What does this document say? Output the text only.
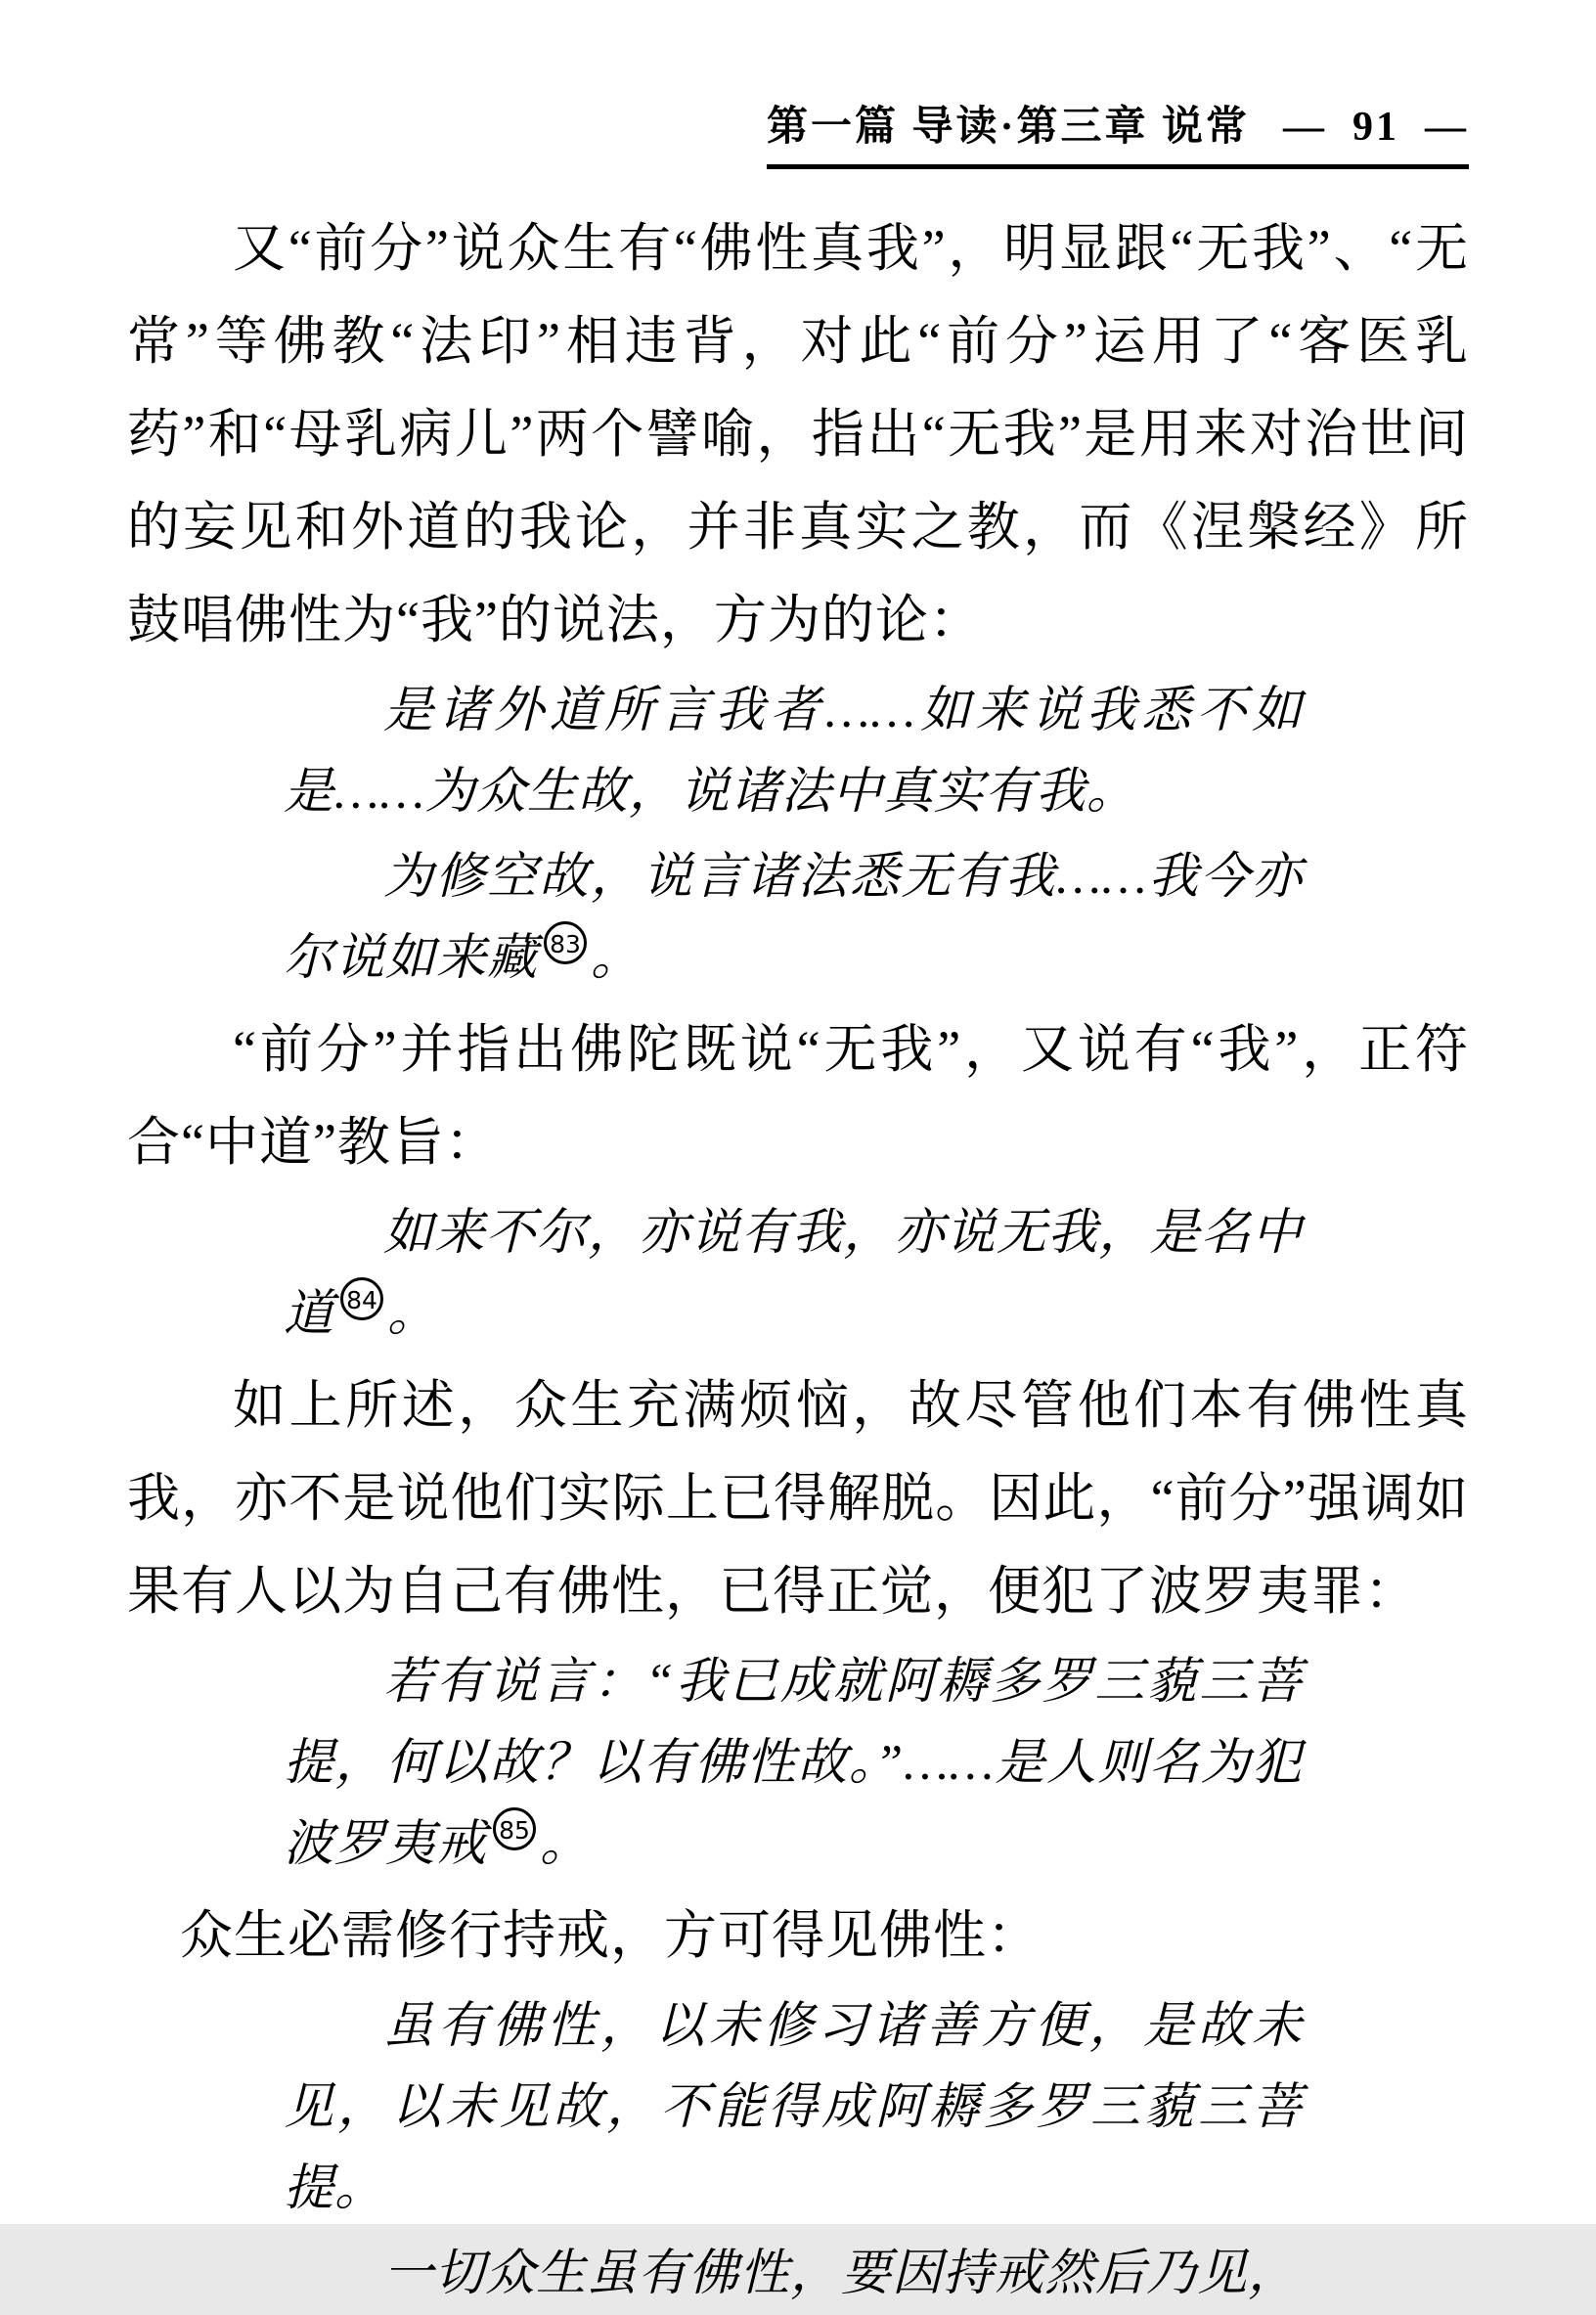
第一篇 导读·第三章 说常 — 91 —

又“前分”说众生有“佛性真我”，明显跟“无我”、“无常”等佛教“法印”相违背，对此“前分”运用了“客医乳药”和“母乳病儿”两个譬喻，指出“无我”是用来对治世间的妄见和外道的我论，并非真实之教，而《涅槃经》所鼓唱佛性为“我”的说法，方为的论：

是诸外道所言我者……如来说我悉不如是……为众生故，说诸法中真实有我。

为修空故，说言诸法悉无有我……我今亦尔说如来藏 83 。

“前分”并指出佛陀既说“无我”，又说有“我”，正符合“中道”教旨：

如来不尔，亦说有我，亦说无我，是名中道 84 。

如上所述，众生充满烦恼，故尽管他们本有佛性真我，亦不是说他们实际上已得解脱。因此，“前分”强调如果有人以为自己有佛性，已得正觉，便犯了波罗夷罪：

若有说言：“我已成就阿耨多罗三藐三菩提，何以故？以有佛性故。”……是人则名为犯波罗夷戒 85 。

众生必需修行持戒，方可得见佛性：

虽有佛性，以未修习诸善方便，是故未见，以未见故，不能得成阿耨多罗三藐三菩提。

一切众生虽有佛性，要因持戒然后乃见，
